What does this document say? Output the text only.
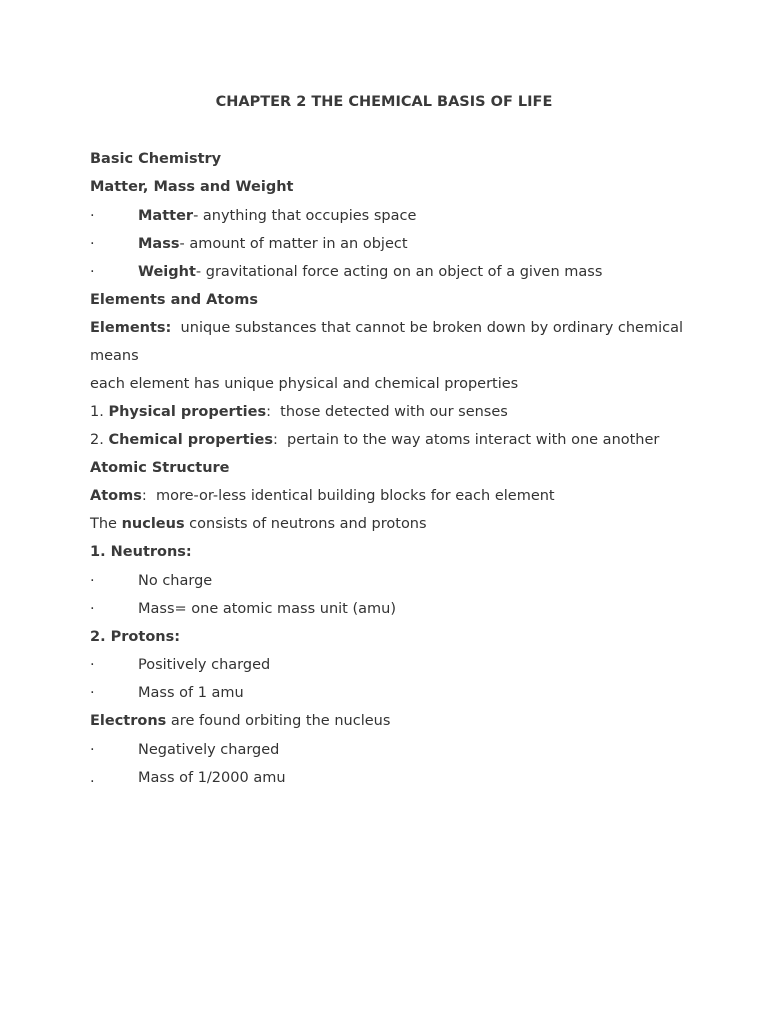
CHAPTER 2 THE CHEMICAL BASIS OF LIFE
Basic Chemistry
Matter, Mass and Weight
·	Matter- anything that occupies space
·	Mass- amount of matter in an object
·	Weight- gravitational force acting on an object of a given mass
Elements and Atoms
Elements:  unique substances that cannot be broken down by ordinary chemical
means
each element has unique physical and chemical properties
1. Physical properties:  those detected with our senses
2. Chemical properties:  pertain to the way atoms interact with one another
Atomic Structure
Atoms:  more-or-less identical building blocks for each element
The nucleus consists of neutrons and protons
1. Neutrons:
·	No charge
·	Mass= one atomic mass unit (amu)
2. Protons:
·	Positively charged
·	Mass of 1 amu
Electrons are found orbiting the nucleus
·	Negatively charged
.	Mass of 1/2000 amu
